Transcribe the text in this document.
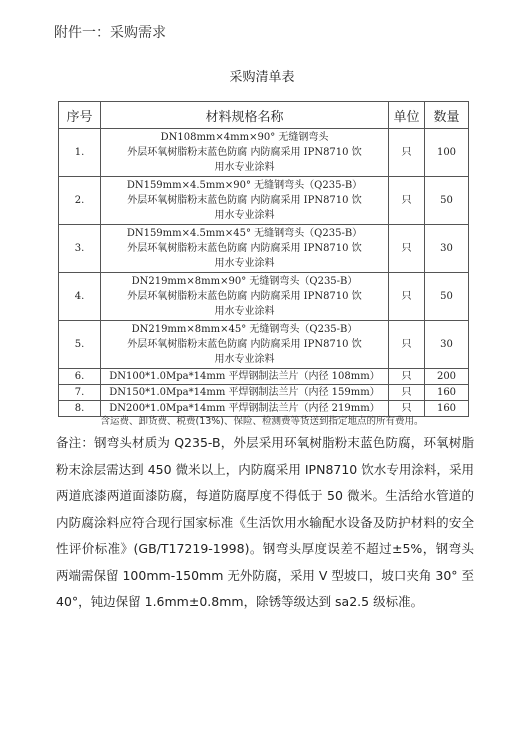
附件一：采购需求
采购清单表
序号	材料规格名称	单位	数量
1.	DN108mm×4mm×90° 无缝钢弯头
外层环氧树脂粉末蓝色防腐 内防腐采用 IPN8710 饮
用水专业涂料	只	100
2.	DN159mm×4.5mm×90° 无缝钢弯头（Q235-B）
外层环氧树脂粉末蓝色防腐 内防腐采用 IPN8710 饮
用水专业涂料	只	50
3.	DN159mm×4.5mm×45° 无缝钢弯头（Q235-B）
外层环氧树脂粉末蓝色防腐 内防腐采用 IPN8710 饮
用水专业涂料	只	30
4.	DN219mm×8mm×90° 无缝钢弯头（Q235-B）
外层环氧树脂粉末蓝色防腐 内防腐采用 IPN8710 饮
用水专业涂料	只	50
5.	DN219mm×8mm×45° 无缝钢弯头（Q235-B）
外层环氧树脂粉末蓝色防腐 内防腐采用 IPN8710 饮
用水专业涂料	只	30
6.	DN100*1.0Mpa*14mm 平焊钢制法兰片（内径 108mm）	只	200
7.	DN150*1.0Mpa*14mm 平焊钢制法兰片（内径 159mm）	只	160
8.	DN200*1.0Mpa*14mm 平焊钢制法兰片（内径 219mm）	只	160
含运费、卸货费、税费(13%)、保险、检测费等货送到指定地点的所有费用。

备注：钢弯头材质为 Q235-B，外层采用环氧树脂粉末蓝色防腐，环氧树脂粉末涂层需达到 450 微米以上，内防腐采用 IPN8710 饮水专用涂料，采用两道底漆两道面漆防腐，每道防腐厚度不得低于 50 微米。生活给水管道的内防腐涂料应符合现行国家标准《生活饮用水输配水设备及防护材料的安全性评价标准》(GB/T17219-1998)。钢弯头厚度误差不超过±5%，钢弯头两端需保留 100mm-150mm 无外防腐，采用 V 型坡口，坡口夹角 30° 至 40°，钝边保留 1.6mm±0.8mm，除锈等级达到 sa2.5 级标准。
